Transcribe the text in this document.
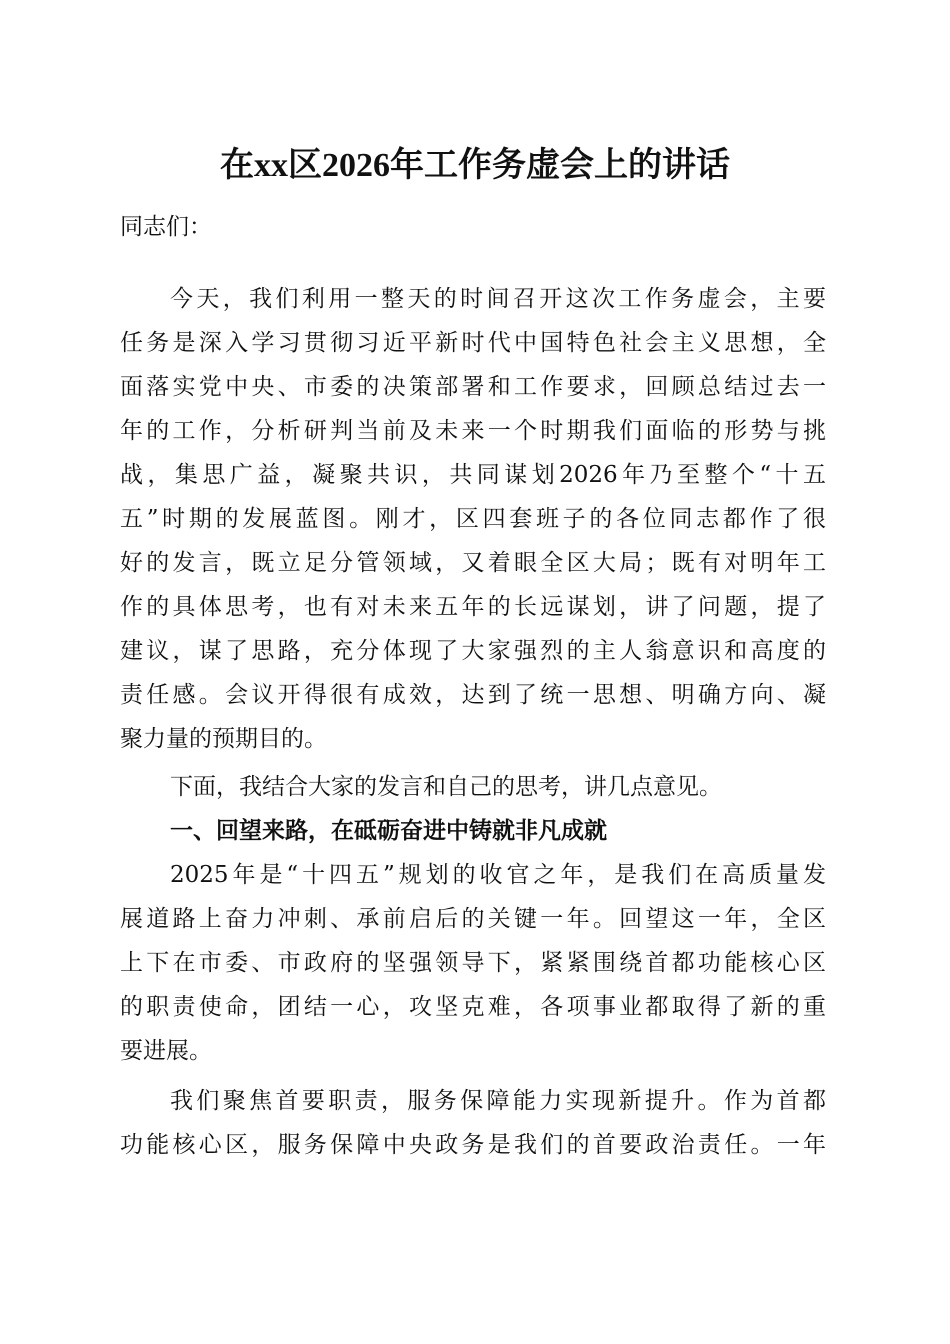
在xx区2026年工作务虚会上的讲话
同志们：
今天，我们利用一整天的时间召开这次工作务虚会，主要
任务是深入学习贯彻习近平新时代中国特色社会主义思想，全
面落实党中央、市委的决策部署和工作要求，回顾总结过去一
年的工作，分析研判当前及未来一个时期我们面临的形势与挑
战，集思广益，凝聚共识，共同谋划2026年乃至整个“十五
五”时期的发展蓝图。刚才，区四套班子的各位同志都作了很
好的发言，既立足分管领域，又着眼全区大局；既有对明年工
作的具体思考，也有对未来五年的长远谋划，讲了问题，提了
建议，谋了思路，充分体现了大家强烈的主人翁意识和高度的
责任感。会议开得很有成效，达到了统一思想、明确方向、凝
聚力量的预期目的。
下面，我结合大家的发言和自己的思考，讲几点意见。
一、回望来路，在砥砺奋进中铸就非凡成就
2025年是“十四五”规划的收官之年，是我们在高质量发
展道路上奋力冲刺、承前启后的关键一年。回望这一年，全区
上下在市委、市政府的坚强领导下，紧紧围绕首都功能核心区
的职责使命，团结一心，攻坚克难，各项事业都取得了新的重
要进展。
我们聚焦首要职责，服务保障能力实现新提升。作为首都
功能核心区，服务保障中央政务是我们的首要政治责任。一年
